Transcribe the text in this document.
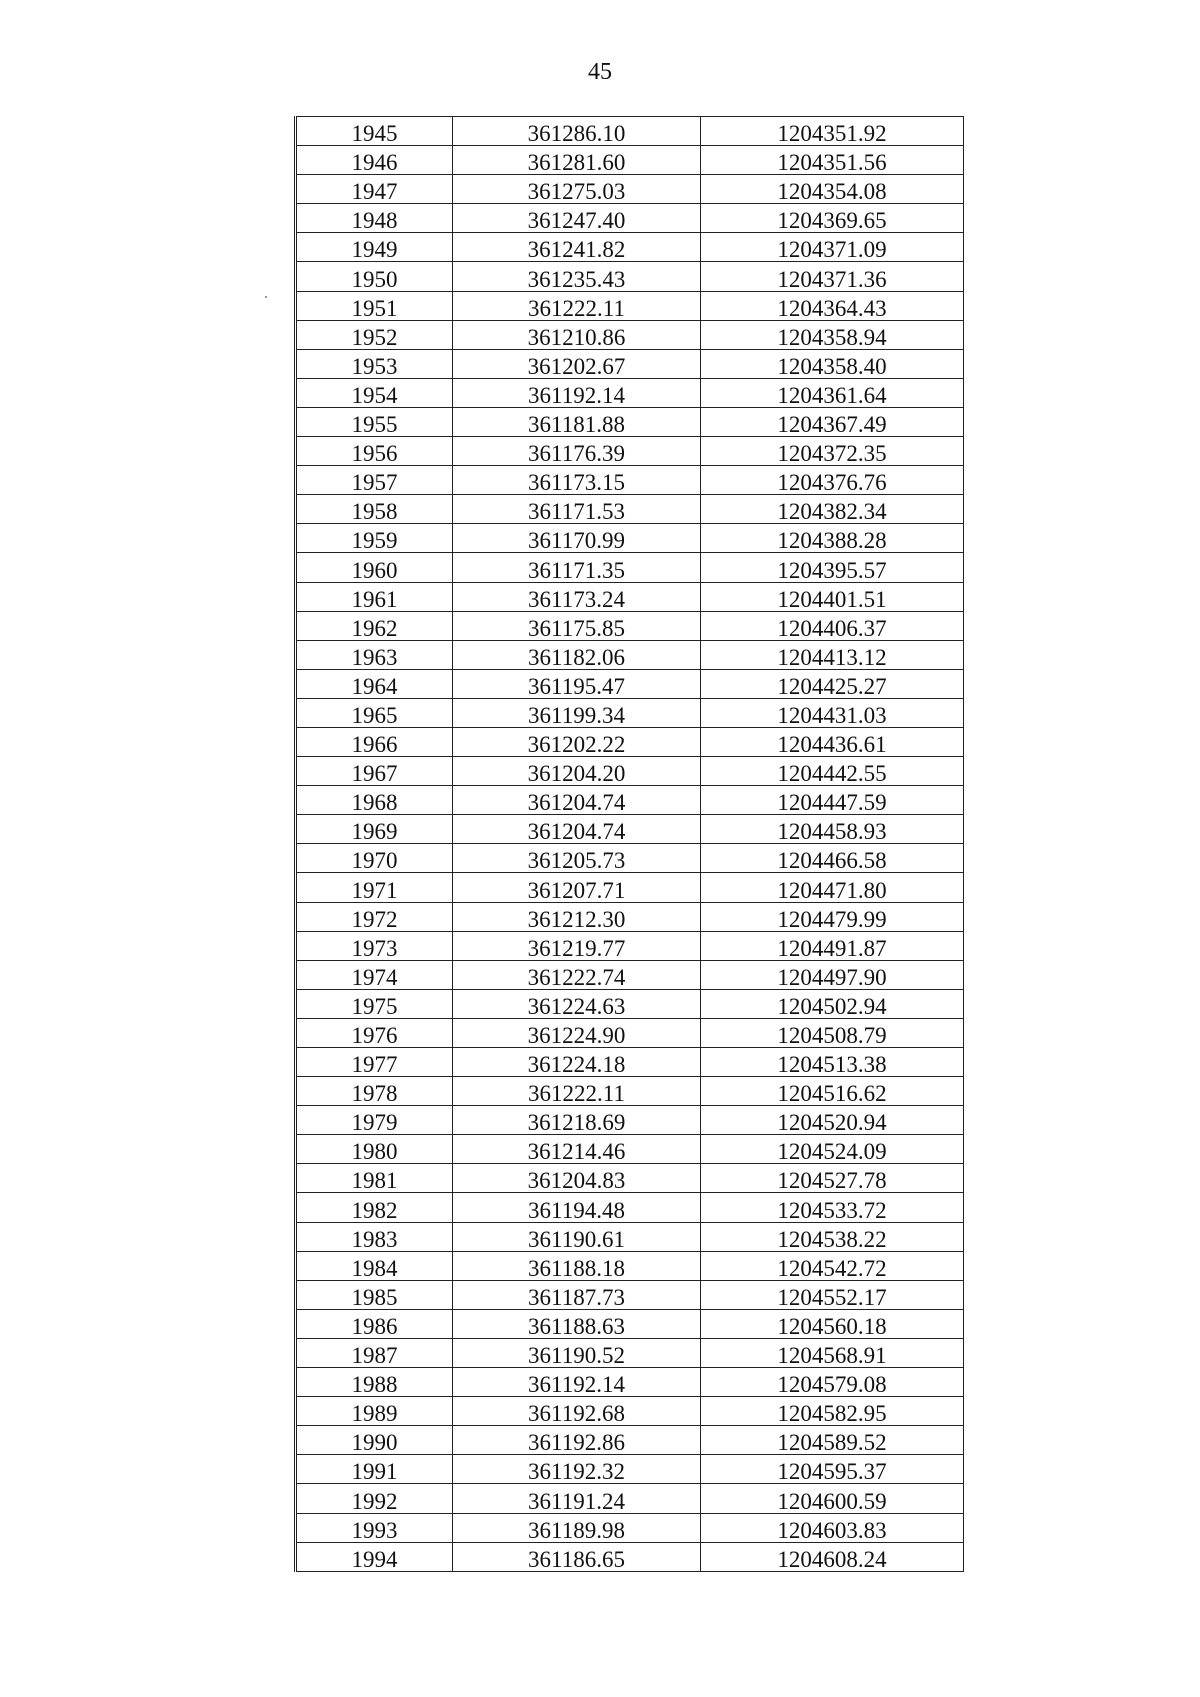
45
1945	361286.10	1204351.92
1946	361281.60	1204351.56
1947	361275.03	1204354.08
1948	361247.40	1204369.65
1949	361241.82	1204371.09
1950	361235.43	1204371.36
1951	361222.11	1204364.43
1952	361210.86	1204358.94
1953	361202.67	1204358.40
1954	361192.14	1204361.64
1955	361181.88	1204367.49
1956	361176.39	1204372.35
1957	361173.15	1204376.76
1958	361171.53	1204382.34
1959	361170.99	1204388.28
1960	361171.35	1204395.57
1961	361173.24	1204401.51
1962	361175.85	1204406.37
1963	361182.06	1204413.12
1964	361195.47	1204425.27
1965	361199.34	1204431.03
1966	361202.22	1204436.61
1967	361204.20	1204442.55
1968	361204.74	1204447.59
1969	361204.74	1204458.93
1970	361205.73	1204466.58
1971	361207.71	1204471.80
1972	361212.30	1204479.99
1973	361219.77	1204491.87
1974	361222.74	1204497.90
1975	361224.63	1204502.94
1976	361224.90	1204508.79
1977	361224.18	1204513.38
1978	361222.11	1204516.62
1979	361218.69	1204520.94
1980	361214.46	1204524.09
1981	361204.83	1204527.78
1982	361194.48	1204533.72
1983	361190.61	1204538.22
1984	361188.18	1204542.72
1985	361187.73	1204552.17
1986	361188.63	1204560.18
1987	361190.52	1204568.91
1988	361192.14	1204579.08
1989	361192.68	1204582.95
1990	361192.86	1204589.52
1991	361192.32	1204595.37
1992	361191.24	1204600.59
1993	361189.98	1204603.83
1994	361186.65	1204608.24
